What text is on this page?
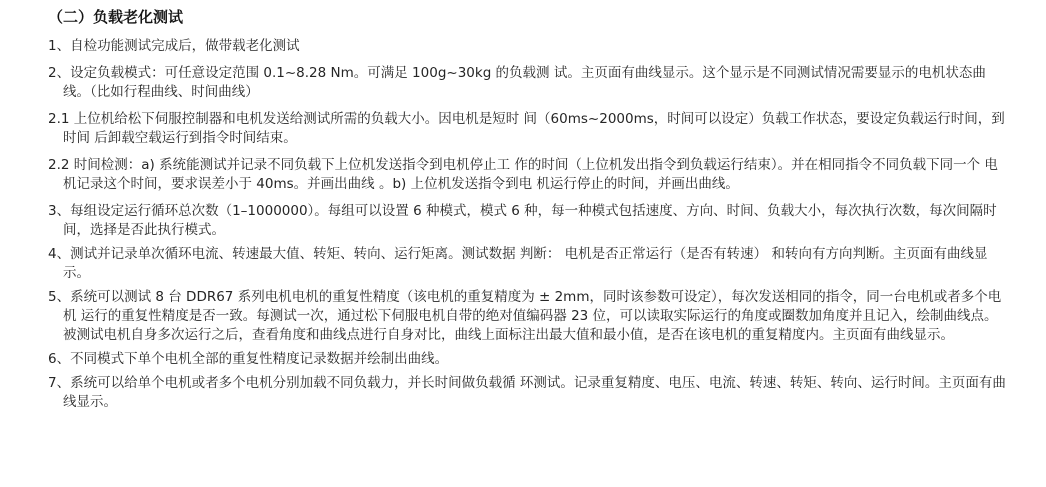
（二）负载老化测试

1、自检功能测试完成后，做带载老化测试

2、设定负载模式：可任意设定范围 0.1~8.28 Nm。可满足 100g~30kg 的负载测 试。主页面有曲线显示。这个显示是不同测试情况需要显示的电机状态曲线。（比如行程曲线、时间曲线）

2.1 上位机给松下伺服控制器和电机发送给测试所需的负载大小。因电机是短时 间（60ms~2000ms，时间可以设定）负载工作状态，要设定负载运行时间，到时间 后卸载空载运行到指令时间结束。

2.2 时间检测：a) 系统能测试并记录不同负载下上位机发送指令到电机停止工 作的时间（上位机发出指令到负载运行结束）。并在相同指令不同负载下同一个 电机记录这个时间，要求误差小于 40ms。并画出曲线 。b) 上位机发送指令到电 机运行停止的时间，并画出曲线。

3、每组设定运行循环总次数（1–1000000）。每组可以设置 6 种模式，模式 6 种，每一种模式包括速度、方向、时间、负载大小，每次执行次数，每次间隔时间，选择是否此执行模式。

4、测试并记录单次循环电流、转速最大值、转矩、转向、运行矩离。测试数据 判断： 电机是否正常运行（是否有转速） 和转向有方向判断。主页面有曲线显示。

5、系统可以测试 8 台 DDR67 系列电机电机的重复性精度（该电机的重复精度为 ± 2mm，同时该参数可设定），每次发送相同的指令，同一台电机或者多个电机 运行的重复性精度是否一致。每测试一次，通过松下伺服电机自带的绝对值编码器 23 位，可以读取实际运行的角度或圈数加角度并且记入，绘制曲线点。被测试电机自身多次运行之后，查看角度和曲线点进行自身对比，曲线上面标注出最大值和最小值，是否在该电机的重复精度内。主页面有曲线显示。

6、不同模式下单个电机全部的重复性精度记录数据并绘制出曲线。

7、系统可以给单个电机或者多个电机分别加载不同负载力，并长时间做负载循 环测试。记录重复精度、电压、电流、转速、转矩、转向、运行时间。主页面有曲线显示。
